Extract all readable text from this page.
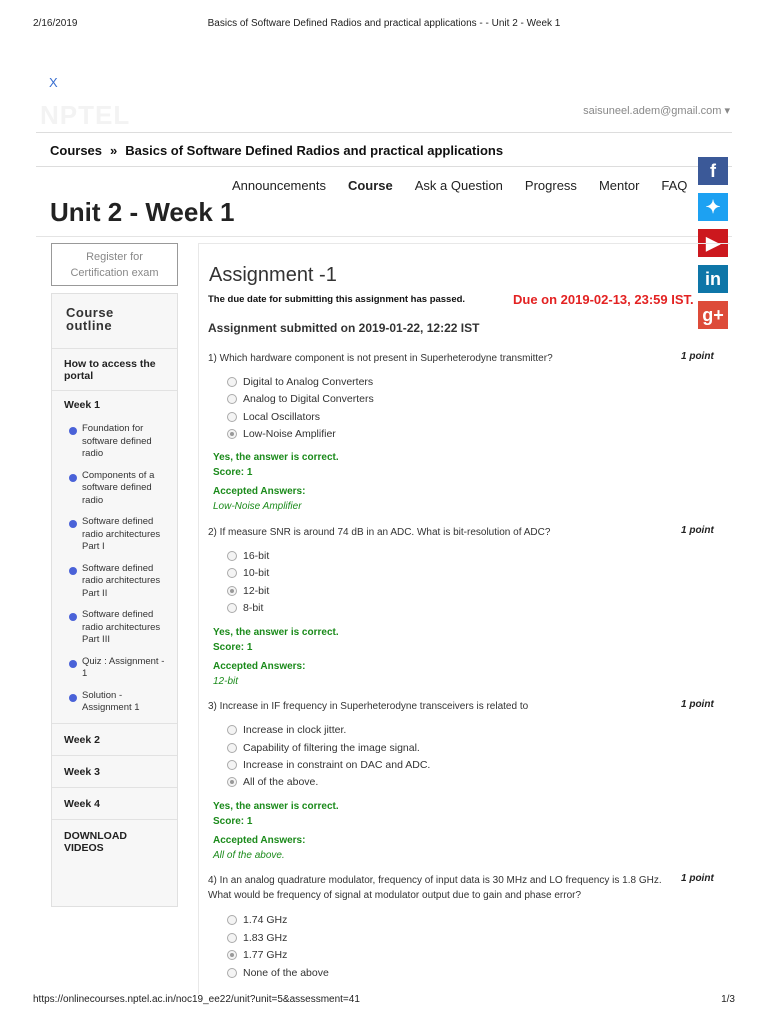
2/16/2019	Basics of Software Defined Radios and practical applications - - Unit 2 - Week 1
https://onlinecourses.nptel.ac.in/noc19_ee22/unit?unit=5&assessment=41	1/3
X
NPTEL	saisuneel.adem@gmail.com ▾
Courses » Basics of Software Defined Radios and practical applications
Announcements Course Ask a Question Progress Mentor FAQ
Unit 2 - Week 1
f
✦
▶
in
g+
Register for
Certification exam
Course
outline
How to access the portal
Week 1
Foundation for software defined radio
Components of a software defined radio
Software defined radio architectures Part I
Software defined radio architectures Part II
Software defined radio architectures Part III
Quiz : Assignment - 1
Solution - Assignment 1
Week 2
Week 3
Week 4
DOWNLOAD VIDEOS
Assignment -1
The due date for submitting this assignment has passed.	Due on 2019-02-13, 23:59 IST.
Assignment submitted on 2019-01-22, 12:22 IST
1) Which hardware component is not present in Superheterodyne transmitter?	1 point
Digital to Analog Converters
Analog to Digital Converters
Local Oscillators
Low-Noise Amplifier
Yes, the answer is correct.
Score: 1
Accepted Answers:
Low-Noise Amplifier
2) If measure SNR is around 74 dB in an ADC. What is bit-resolution of ADC?	1 point
16-bit
10-bit
12-bit
8-bit
Yes, the answer is correct.
Score: 1
Accepted Answers:
12-bit
3) Increase in IF frequency in Superheterodyne transceivers is related to	1 point
Increase in clock jitter.
Capability of filtering the image signal.
Increase in constraint on DAC and ADC.
All of the above.
Yes, the answer is correct.
Score: 1
Accepted Answers:
All of the above.
4) In an analog quadrature modulator, frequency of input data is 30 MHz and LO frequency is 1.8 GHz. What would be frequency of signal at modulator output due to gain and phase error?
1 point
1.74 GHz
1.83 GHz
1.77 GHz
None of the above
